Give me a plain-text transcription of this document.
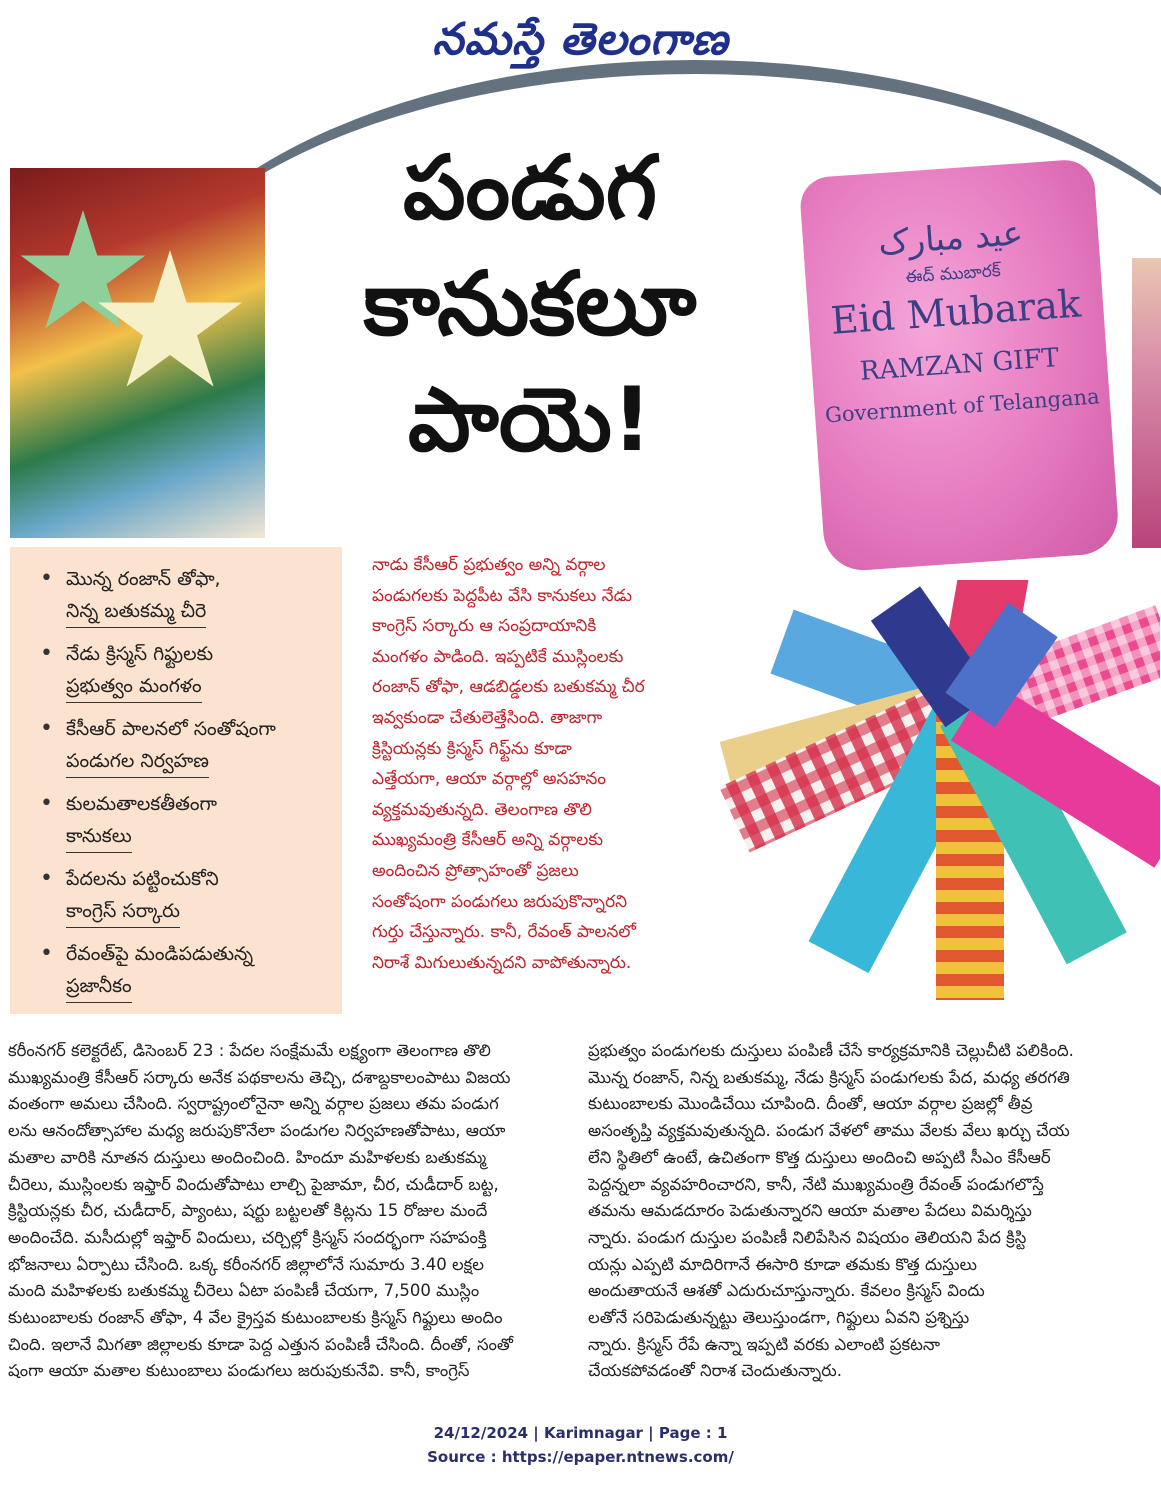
నమస్తే తెలంగాణ
పండుగ
కానుకలూ
పాయె!
عید مبارک
ఈద్ ముబారక్
Eid Mubarak
RAMZAN GIFT
Government of Telangana
• మొన్న రంజాన్ తోఫా,
నిన్న బతుకమ్మ చీరె
• నేడు క్రిస్మస్ గిఫ్టులకు
ప్రభుత్వం మంగళం
• కేసీఆర్ పాలనలో సంతోషంగా
పండుగల నిర్వహణ
• కులమతాలకతీతంగా
కానుకలు
• పేదలను పట్టించుకోని
కాంగ్రెస్ సర్కారు
• రేవంత్‌పై మండిపడుతున్న
ప్రజానీకం
నాడు కేసీఆర్ ప్రభుత్వం అన్ని వర్గాల
పండుగలకు పెద్దపీట వేసి కానుకలు నేడు
కాంగ్రెస్ సర్కారు ఆ సంప్రదాయానికి
మంగళం పాడింది. ఇప్పటికే ముస్లింలకు
రంజాన్ తోఫా, ఆడబిడ్డలకు బతుకమ్మ చీర
ఇవ్వకుండా చేతులెత్తేసింది. తాజాగా
క్రిస్టియన్లకు క్రిస్మస్ గిఫ్ట్‌ను కూడా
ఎత్తేయగా, ఆయా వర్గాల్లో అసహనం
వ్యక్తమవుతున్నది. తెలంగాణ తొలి
ముఖ్యమంత్రి కేసీఆర్ అన్ని వర్గాలకు
అందించిన ప్రోత్సాహంతో ప్రజలు
సంతోషంగా పండుగలు జరుపుకొన్నారని
గుర్తు చేస్తున్నారు. కానీ, రేవంత్ పాలనలో
నిరాశే మిగులుతున్నదని వాపోతున్నారు.
కరీంనగర్ కలెక్టరేట్, డిసెంబర్ 23 : పేదల సంక్షేమమే లక్ష్యంగా తెలంగాణ తొలి
ముఖ్యమంత్రి కేసీఆర్ సర్కారు అనేక పథకాలను తెచ్చి, దశాబ్దకాలంపాటు విజయ
వంతంగా అమలు చేసింది. స్వరాష్ట్రంలోనైనా అన్ని వర్గాల ప్రజలు తమ పండుగ
లను ఆనందోత్సాహాల మధ్య జరుపుకొనేలా పండుగల నిర్వహణతోపాటు, ఆయా
మతాల వారికి నూతన దుస్తులు అందించింది. హిందూ మహిళలకు బతుకమ్మ
చీరెలు, ముస్లింలకు ఇఫ్తార్ విందుతోపాటు లాల్చి పైజామా, చీర, చుడీదార్ బట్ట,
క్రిస్టియన్లకు చీర, చుడీదార్, ప్యాంటు, షర్టు బట్టలతో కిట్లను 15 రోజుల మందే
అందించేది. మసీదుల్లో ఇఫ్తార్ విందులు, చర్చిల్లో క్రిస్మస్ సందర్భంగా సహపంక్తి
భోజనాలు ఏర్పాటు చేసింది. ఒక్క కరీంనగర్ జిల్లాలోనే సుమారు 3.40 లక్షల
మంది మహిళలకు బతుకమ్మ చీరెలు ఏటా పంపిణీ చేయగా, 7,500 ముస్లిం
కుటుంబాలకు రంజాన్ తోఫా, 4 వేల క్రైస్తవ కుటుంబాలకు క్రిస్మస్ గిఫ్టులు అందిం
చింది. ఇలానే మిగతా జిల్లాలకు కూడా పెద్ద ఎత్తున పంపిణీ చేసింది. దీంతో, సంతో
షంగా ఆయా మతాల కుటుంబాలు పండుగలు జరుపుకునేవి. కానీ, కాంగ్రెస్
ప్రభుత్వం పండుగలకు దుస్తులు పంపిణీ చేసే కార్యక్రమానికి చెల్లుచీటి పలికింది.
మొన్న రంజాన్, నిన్న బతుకమ్మ, నేడు క్రిస్మస్ పండుగలకు పేద, మధ్య తరగతి
కుటుంబాలకు మొండిచేయి చూపింది. దీంతో, ఆయా వర్గాల ప్రజల్లో తీవ్ర
అసంతృప్తి వ్యక్తమవుతున్నది. పండుగ వేళలో తాము వేలకు వేలు ఖర్చు చేయ
లేని స్థితిలో ఉంటే, ఉచితంగా కొత్త దుస్తులు అందించి అప్పటి సీఎం కేసీఆర్
పెద్దన్నలా వ్యవహరించారని, కానీ, నేటి ముఖ్యమంత్రి రేవంత్ పండుగలొస్తే
తమను ఆమడదూరం పెడుతున్నారని ఆయా మతాల పేదలు విమర్శిస్తు
న్నారు. పండుగ దుస్తుల పంపిణీ నిలిపేసిన విషయం తెలియని పేద క్రిస్టి
యన్లు ఎప్పటి మాదిరిగానే ఈసారి కూడా తమకు కొత్త దుస్తులు
అందుతాయనే ఆశతో ఎదురుచూస్తున్నారు. కేవలం క్రిస్మస్ విందు
లతోనే సరిపెడుతున్నట్టు తెలుస్తుండగా, గిఫ్టులు ఏవని ప్రశ్నిస్తు
న్నారు. క్రిస్మస్ రేపే ఉన్నా ఇప్పటి వరకు ఎలాంటి ప్రకటనా
చేయకపోవడంతో నిరాశ చెందుతున్నారు.
24/12/2024 | Karimnagar | Page : 1
Source : https://epaper.ntnews.com/
